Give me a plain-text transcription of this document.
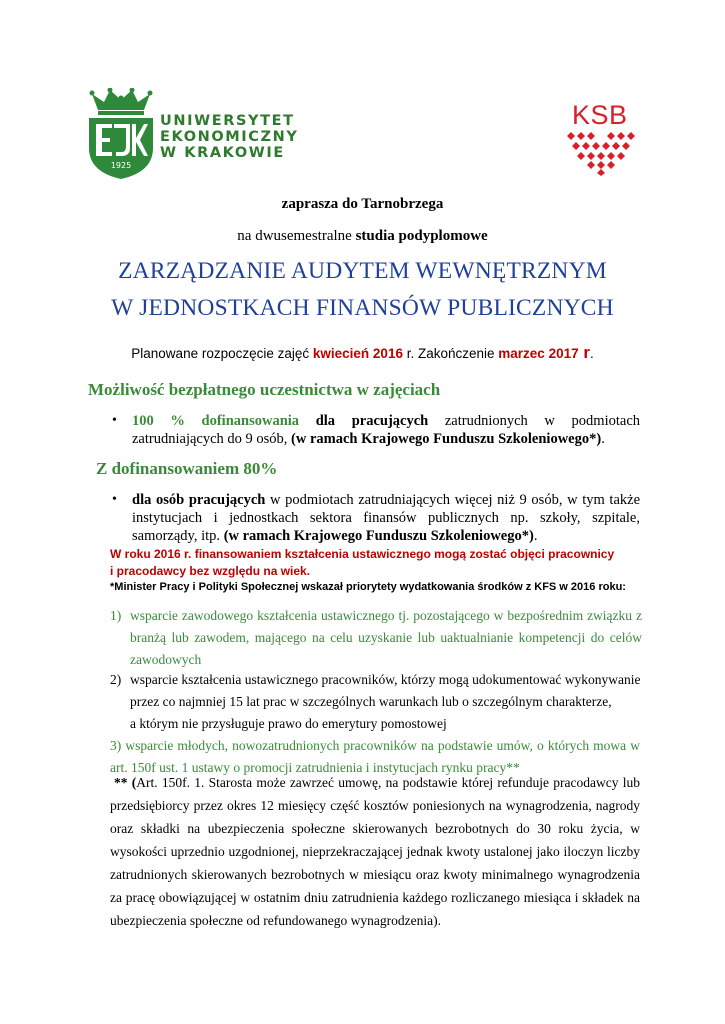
1925
UNIWERSYTET
EKONOMICZNY
W KRAKOWIE
KSB
zaprasza do Tarnobrzega
na dwusemestralne studia podyplomowe
ZARZĄDZANIE AUDYTEM WEWNĘTRZNYM
W JEDNOSTKACH FINANSÓW PUBLICZNYCH
Planowane rozpoczęcie zajęć kwiecień 2016 r. Zakończenie marzec 2017 r.
Możliwość bezpłatnego uczestnictwa w zajęciach
• 100 % dofinansowania dla pracujących zatrudnionych w podmiotach zatrudniających do 9 osób, (w ramach Krajowego Funduszu Szkoleniowego*).
Z dofinansowaniem 80%
• dla osób pracujących w podmiotach zatrudniających więcej niż 9 osób, w tym także instytucjach i jednostkach sektora finansów publicznych np. szkoły, szpitale, samorządy, itp. (w ramach Krajowego Funduszu Szkoleniowego*).
W roku 2016 r. finansowaniem kształcenia ustawicznego mogą zostać objęci pracownicy
i pracodawcy bez względu na wiek.
*Minister Pracy i Polityki Społecznej wskazał priorytety wydatkowania środków z KFS w 2016 roku:
1) wsparcie zawodowego kształcenia ustawicznego tj. pozostającego w bezpośrednim związku z branżą lub zawodem, mającego na celu uzyskanie lub uaktualnianie kompetencji do celów zawodowych
2) wsparcie kształcenia ustawicznego pracowników, którzy mogą udokumentować wykonywanie
przez co najmniej 15 lat prac w szczególnych warunkach lub o szczególnym charakterze,
a którym nie przysługuje prawo do emerytury pomostowej
3) wsparcie młodych, nowozatrudnionych pracowników na podstawie umów, o których mowa w art. 150f ust. 1 ustawy o promocji zatrudnienia i instytucjach rynku pracy**
** (Art. 150f. 1. Starosta może zawrzeć umowę, na podstawie której refunduje pracodawcy lub przedsiębiorcy przez okres 12 miesięcy część kosztów poniesionych na wynagrodzenia, nagrody oraz składki na ubezpieczenia społeczne skierowanych bezrobotnych do 30 roku życia, w wysokości uprzednio uzgodnionej, nieprzekraczającej jednak kwoty ustalonej jako iloczyn liczby zatrudnionych skierowanych bezrobotnych w miesiącu oraz kwoty minimalnego wynagrodzenia za pracę obowiązującej w ostatnim dniu zatrudnienia każdego rozliczanego miesiąca i składek na ubezpieczenia społeczne od refundowanego wynagrodzenia).
